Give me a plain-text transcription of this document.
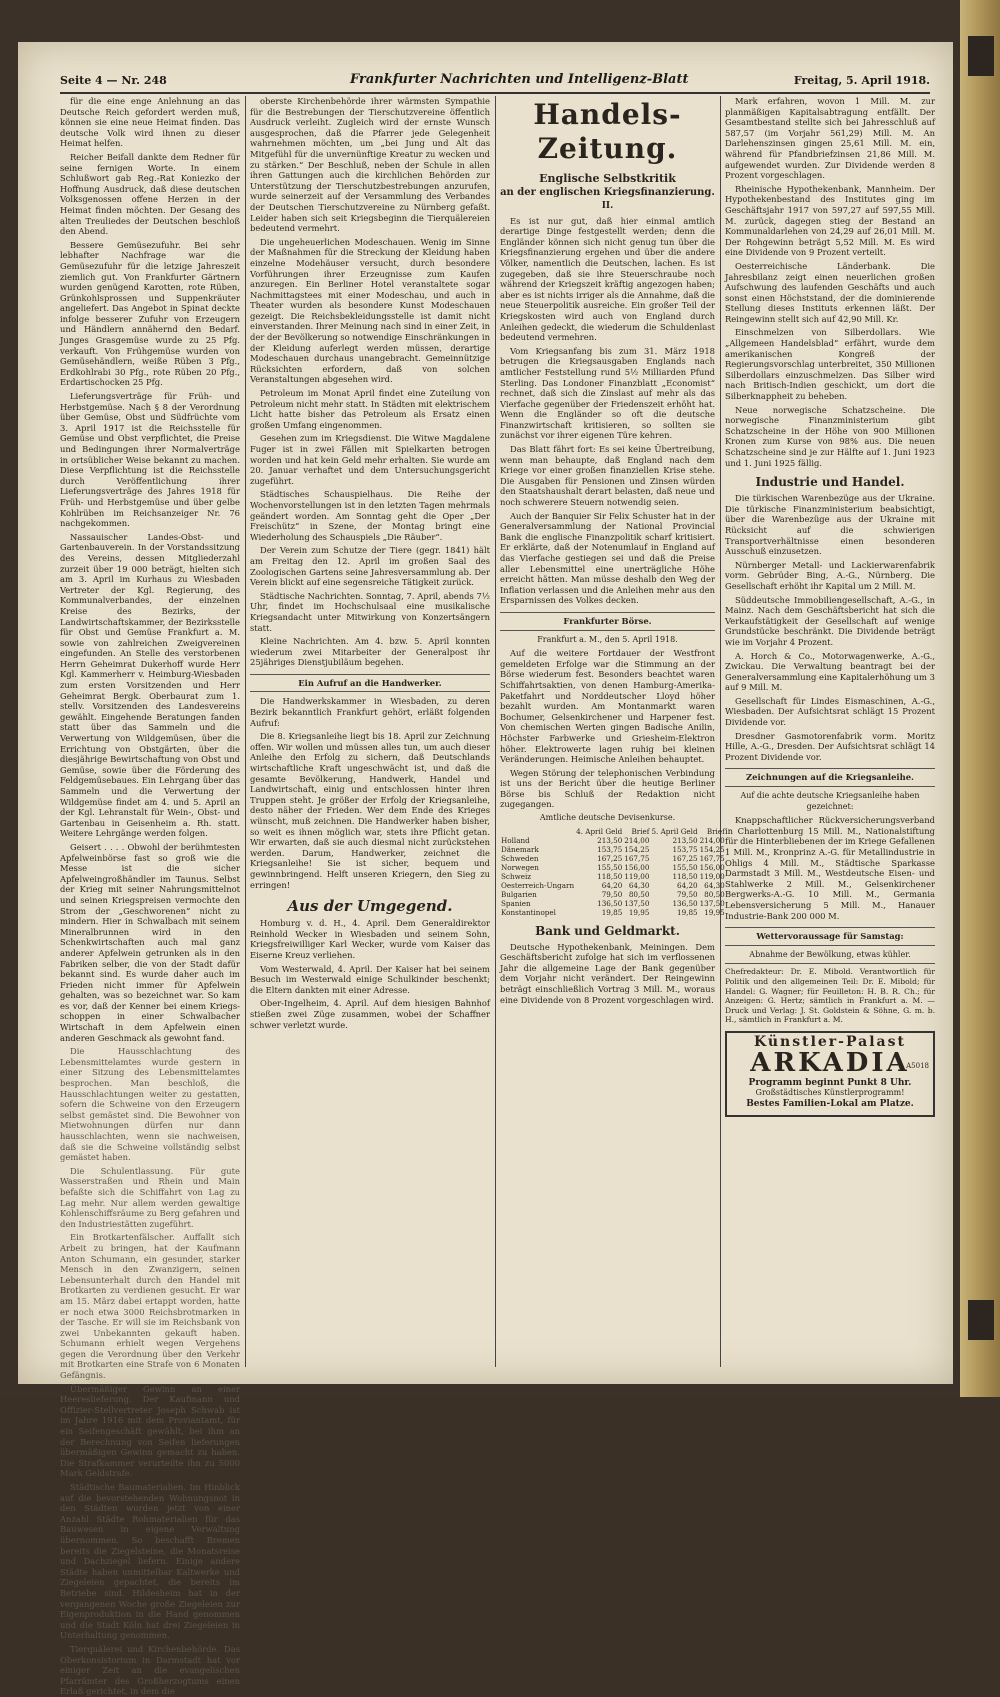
Seite 4 — Nr. 248	Frankfurter Nachrichten und Intelligenz-Blatt	Freitag, 5. April 1918.

für die eine enge Anlehnung an das Deutsche Reich gefordert werden muß, können sie eine neue Heimat finden. Das deutsche Volk wird ihnen zu dieser Heimat helfen.

Reicher Beifall dankte dem Redner für seine fernigen Worte. In einem Schlußwort gab Reg.-Rat Koniezko der Hoffnung Ausdruck, daß diese deutschen Volksgenossen offene Herzen in der Heimat finden möchten. Der Gesang des alten Treuliedes der Deutschen beschloß den Abend.

Bessere Gemüsezufuhr. Bei sehr lebhafter Nachfrage war die Gemüsezufuhr für die letzige Jahreszeit ziemlich gut. Von Frankfurter Gärtnern wurden genügend Karotten, rote Rüben, Grünkohlsprossen und Suppenkräuter angeliefert. Das Angebot in Spinat deckte infolge besserer Zufuhr von Erzeugern und Händlern annähernd den Bedarf. Junges Grasgemüse wurde zu 25 Pfg. verkauft. Von Frühgemüse wurden von Gemüsehändlern, weiße Rüben 3 Pfg., Erdkohlrabi 30 Pfg., rote Rüben 20 Pfg., Erdartischocken 25 Pfg.

Lieferungsverträge für Früh- und Herbstgemüse. Nach § 8 der Verordnung über Gemüse, Obst und Südfrüchte vom 3. April 1917 ist die Reichsstelle für Gemüse und Obst verpflichtet, die Preise und Bedingungen ihrer Normalverträge in ortsüblicher Weise bekannt zu machen. Diese Verpflichtung ist die Reichsstelle durch Veröffentlichung ihrer Lieferungsverträge des Jahres 1918 für Früh- und Herbstgemüse und über gelbe Kohlrüben im Reichsanzeiger Nr. 76 nachgekommen.

Nassauischer Landes-Obst- und Gartenbauverein. In der Vorstandssitzung des Vereins, dessen Mitgliederzahl zurzeit über 19 000 beträgt, hielten sich am 3. April im Kurhaus zu Wiesbaden Vertreter der Kgl. Regierung, des Kommunalverbandes, der einzelnen Kreise des Bezirks, der Landwirtschaftskammer, der Bezirksstelle für Obst und Gemüse Frankfurt a. M. sowie von zahlreichen Zweigvereinen eingefunden. An Stelle des verstorbenen Herrn Geheimrat Dukerhoff wurde Herr Kgl. Kammerherr v. Heimburg-Wiesbaden zum ersten Vorsitzenden und Herr Geheimrat Bergk. Oberbaurat zum 1. stellv. Vorsitzenden des Landesvereins gewählt. Eingehende Beratungen fanden statt über das Sammeln und die Verwertung von Wildgemüsen, über die Errichtung von Obstgärten, über die diesjährige Bewirtschaftung von Obst und Gemüse, sowie über die Förderung des Feldgemüsebaues. Ein Lehrgang über das Sammeln und die Verwertung der Wildgemüse findet am 4. und 5. April an der Kgl. Lehranstalt für Wein-, Obst- und Gartenbau in Geisenheim a. Rh. statt. Weitere Lehrgänge werden folgen.

Geisert . . . . Obwohl der berühmtesten Apfelweinbörse fast so groß wie die Messe ist die sicher Apfelweingroßhändler im Taunus. Selbst der Krieg mit seiner Nahrungsmittelnot und seinen Kriegspreisen vermochte den Strom der „Geschworenen“ nicht zu mindern. Hier in Schwalbach mit seinem Mineralbrunnen wird in den Schenkwirtschaften auch mal ganz anderer Apfelwein getrunken als in den Fabriken selber, die von der Stadt dafür bekannt sind. Es wurde daher auch im Frieden nicht immer für Apfelwein gehalten, was so bezeichnet war. So kam es vor, daß der Kenner bei einem Kriegsschoppen in einer Schwalbacher Wirtschaft in dem Apfelwein einen anderen Geschmack als gewohnt fand.

Die Hausschlachtung des Lebensmittelamtes wurde gestern in einer Sitzung des Lebensmittelamtes besprochen. Man beschloß, die Hausschlachtungen weiter zu gestatten, sofern die Schweine von den Erzeugern selbst gemästet sind. Die Bewohner von Mietwohnungen dürfen nur dann hausschlachten, wenn sie nachweisen, daß sie die Schweine vollständig selbst gemästet haben.

Die Schulentlassung. Für gute Wasserstraßen und Rhein und Main befaßte sich die Schiffahrt von Lag zu Lag mehr. Nur allem werden gewaltige Kohlenschiffsräume zu Berg gefahren und den Industriestätten zugeführt.

Ein Brotkartenfälscher. Auffallt sich Arbeit zu bringen, hat der Kaufmann Anton Schumann, ein gesunder, starker Mensch in den Zwanzigern, seinen Lebensunterhalt durch den Handel mit Brotkarten zu verdienen gesucht. Er war am 15. März dabei ertappt worden, hatte er noch etwa 3000 Reichsbrotmarken in der Tasche. Er will sie im Reichsbank von zwei Unbekannten gekauft haben. Schumann erhielt wegen Vergehens gegen die Verordnung über den Verkehr mit Brotkarten eine Strafe von 6 Monaten Gefängnis.

Übermäßiger Gewinn an einer Heereslieferung. Der Kaufmann und Offizier-Stellvertreter Joseph Schwab ist im Jahre 1916 mit dem Proviantamt, für ein Seifengeschäft gewählt, bei ihm an der Berechnung von Seifen lieferungen übermäßigen Gewinn gemacht zu haben. Die Strafkammer verurteilte ihn zu 5000 Mark Geldstrafe.

Städtische Baumaterialien. Im Hinblick auf die bevorstehenden Wohnungsnot in den Städten wurden jetzt von einer Anzahl Städte Rohmaterialien für das Bauwesen in eigene Verwaltung übernommen. So beschafft Bremen bereits die Ziegelsteine, die Monatsreise und Dachziegel liefern. Einige andere Städte haben unmittelbar Kaltwerke und Ziegeleien gepachtet, die bereits im Betriebe sind. Hildesheim hat in der vergangenen Woche große Ziegeleien zur Eigenproduktion in die Hand genommen und die Stadt Köln hat drei Ziegeleien in Unterhaltung genommen.

Tierquälerei und Kirchenbehörde. Das Oberkonsistorium in Darmstadt hat vor einiger Zeit an die evangelischen Pfarrämter des Großherzogtums einen Erlaß gerichtet, in dem die

oberste Kirchenbehörde ihrer wärmsten Sympathie für die Bestrebungen der Tierschutzvereine öffentlich Ausdruck verleiht. Zugleich wird der ernste Wunsch ausgesprochen, daß die Pfarrer jede Gelegenheit wahrnehmen möchten, um „bei Jung und Alt das Mitgefühl für die unvernünftige Kreatur zu wecken und zu stärken.“ Der Beschluß, neben der Schule in allen ihren Gattungen auch die kirchlichen Behörden zur Unterstützung der Tierschutzbestrebungen anzurufen, wurde seinerzeit auf der Versammlung des Verbandes der Deutschen Tierschutzvereine zu Nürnberg gefaßt. Leider haben sich seit Kriegsbeginn die Tierquälereien bedeutend vermehrt.

Die ungeheuerlichen Modeschauen. Wenig im Sinne der Maßnahmen für die Streckung der Kleidung haben einzelne Modehäuser versucht, durch besondere Vorführungen ihrer Erzeugnisse zum Kaufen anzuregen. Ein Berliner Hotel veranstaltete sogar Nachmittagstees mit einer Modeschau, und auch in Theater wurden als besondere Kunst Modeschauen gezeigt. Die Reichsbekleidungsstelle ist damit nicht einverstanden. Ihrer Meinung nach sind in einer Zeit, in der der Bevölkerung so notwendige Einschränkungen in der Kleidung auferlegt werden müssen, derartige Modeschauen durchaus unangebracht. Gemeinnützige Rücksichten erfordern, daß von solchen Veranstaltungen abgesehen wird.

Petroleum im Monat April findet eine Zuteilung von Petroleum nicht mehr statt. In Städten mit elektrischem Licht hatte bisher das Petroleum als Ersatz einen großen Umfang eingenommen.

Gesehen zum im Kriegsdienst. Die Witwe Magdalene Fuger ist in zwei Fällen mit Spielkarten betrogen worden und hat kein Geld mehr erhalten. Sie wurde am 20. Januar verhaftet und dem Untersuchungsgericht zugeführt.

Städtisches Schauspielhaus. Die Reihe der Wochenvorstellungen ist in den letzten Tagen mehrmals geändert worden. Am Sonntag geht die Oper „Der Freischütz“ in Szene, der Montag bringt eine Wiederholung des Schauspiels „Die Räuber“.

Der Verein zum Schutze der Tiere (gegr. 1841) hält am Freitag den 12. April im großen Saal des Zoologischen Gartens seine Jahresversammlung ab. Der Verein blickt auf eine segensreiche Tätigkeit zurück.

Städtische Nachrichten. Sonntag, 7. April, abends 7½ Uhr, findet im Hochschulsaal eine musikalische Kriegsandacht unter Mitwirkung von Konzertsängern statt.

Kleine Nachrichten. Am 4. bzw. 5. April konnten wiederum zwei Mitarbeiter der Generalpost ihr 25jähriges Dienstjubiläum begehen.

Ein Aufruf an die Handwerker.

Die Handwerkskammer in Wiesbaden, zu deren Bezirk bekanntlich Frankfurt gehört, erläßt folgenden Aufruf:

Die 8. Kriegsanleihe liegt bis 18. April zur Zeichnung offen. Wir wollen und müssen alles tun, um auch dieser Anleihe den Erfolg zu sichern, daß Deutschlands wirtschaftliche Kraft ungeschwächt ist, und daß die gesamte Bevölkerung, Handwerk, Handel und Landwirtschaft, einig und entschlossen hinter ihren Truppen steht. Je größer der Erfolg der Kriegsanleihe, desto näher der Frieden. Wer dem Ende des Krieges wünscht, muß zeichnen. Die Handwerker haben bisher, so weit es ihnen möglich war, stets ihre Pflicht getan. Wir erwarten, daß sie auch diesmal nicht zurückstehen werden. Darum, Handwerker, zeichnet die Kriegsanleihe! Sie ist sicher, bequem und gewinnbringend. Helft unseren Kriegern, den Sieg zu erringen!

Aus der Umgegend.

Homburg v. d. H., 4. April. Dem Generaldirektor Reinhold Wecker in Wiesbaden und seinem Sohn, Kriegsfreiwilliger Karl Wecker, wurde vom Kaiser das Eiserne Kreuz verliehen.

Vom Westerwald, 4. April. Der Kaiser hat bei seinem Besuch im Westerwald einige Schulkinder beschenkt; die Eltern dankten mit einer Adresse.

Ober-Ingelheim, 4. April. Auf dem hiesigen Bahnhof stießen zwei Züge zusammen, wobei der Schaffner schwer verletzt wurde.

Handels-Zeitung.
Englische Selbstkritik
an der englischen Kriegsfinanzierung.
II.

Es ist nur gut, daß hier einmal amtlich derartige Dinge festgestellt werden; denn die Engländer können sich nicht genug tun über die Kriegsfinanzierung ergehen und über die andere Völker, namentlich die Deutschen, lachen. Es ist zugegeben, daß sie ihre Steuerschraube noch während der Kriegszeit kräftig angezogen haben; aber es ist nichts irriger als die Annahme, daß die neue Steuerpolitik ausreiche. Ein großer Teil der Kriegskosten wird auch von England durch Anleihen gedeckt, die wiederum die Schuldenlast bedeutend vermehren.

Vom Kriegsanfang bis zum 31. März 1918 betrugen die Kriegsausgaben Englands nach amtlicher Feststellung rund 5½ Milliarden Pfund Sterling. Das Londoner Finanzblatt „Economist“ rechnet, daß sich die Zinslast auf mehr als das Vierfache gegenüber der Friedenszeit erhöht hat. Wenn die Engländer so oft die deutsche Finanzwirtschaft kritisieren, so sollten sie zunächst vor ihrer eigenen Türe kehren.

Das Blatt fährt fort: Es sei keine Übertreibung, wenn man behaupte, daß England nach dem Kriege vor einer großen finanziellen Krise stehe. Die Ausgaben für Pensionen und Zinsen würden den Staatshaushalt derart belasten, daß neue und noch schwerere Steuern notwendig seien.

Auch der Banquier Sir Felix Schuster hat in der Generalversammlung der National Provincial Bank die englische Finanzpolitik scharf kritisiert. Er erklärte, daß der Notenumlauf in England auf das Vierfache gestiegen sei und daß die Preise aller Lebensmittel eine unerträgliche Höhe erreicht hätten. Man müsse deshalb den Weg der Inflation verlassen und die Anleihen mehr aus den Ersparnissen des Volkes decken.

Frankfurter Börse.
Frankfurt a. M., den 5. April 1918.

Auf die weitere Fortdauer der Westfront gemeldeten Erfolge war die Stimmung an der Börse wiederum fest. Besonders beachtet waren Schiffahrtsaktien, von denen Hamburg-Amerika-Paketfahrt und Norddeutscher Lloyd höher bezahlt wurden. Am Montanmarkt waren Bochumer, Gelsenkirchener und Harpener fest. Von chemischen Werten gingen Badische Anilin, Höchster Farbwerke und Griesheim-Elektron höher. Elektrowerte lagen ruhig bei kleinen Veränderungen. Heimische Anleihen behauptet.

Wegen Störung der telephonischen Verbindung ist uns der Bericht über die heutige Berliner Börse bis Schluß der Redaktion nicht zugegangen.

Amtliche deutsche Devisenkurse.
	4. April Geld	Brief	5. April Geld	Brief
Holland	213,50	214,00	213,50	214,00
Dänemark	153,75	154,25	153,75	154,25
Schweden	167,25	167,75	167,25	167,75
Norwegen	155,50	156,00	155,50	156,00
Schweiz	118,50	119,00	118,50	119,00
Oesterreich-Ungarn	64,20	64,30	64,20	64,30
Bulgarien	79,50	80,50	79,50	80,50
Spanien	136,50	137,50	136,50	137,50
Konstantinopel	19,85	19,95	19,85	19,95
Bank und Geldmarkt.

Deutsche Hypothekenbank, Meiningen. Dem Geschäftsbericht zufolge hat sich im verflossenen Jahr die allgemeine Lage der Bank gegenüber dem Vorjahr nicht verändert. Der Reingewinn beträgt einschließlich Vortrag 3 Mill. M., woraus eine Dividende von 8 Prozent vorgeschlagen wird.

Mark erfahren, wovon 1 Mill. M. zur planmäßigen Kapitalsabtragung entfällt. Der Gesamtbestand stellte sich bei Jahresschluß auf 587,57 (im Vorjahr 561,29) Mill. M. An Darlehenszinsen gingen 25,61 Mill. M. ein, während für Pfandbriefzinsen 21,86 Mill. M. aufgewendet wurden. Zur Dividende werden 8 Prozent vorgeschlagen.

Rheinische Hypothekenbank, Mannheim. Der Hypothekenbestand des Institutes ging im Geschäftsjahr 1917 von 597,27 auf 597,55 Mill. M. zurück, dagegen stieg der Bestand an Kommunaldarlehen von 24,29 auf 26,01 Mill. M. Der Rohgewinn beträgt 5,52 Mill. M. Es wird eine Dividende von 9 Prozent verteilt.

Oesterreichische Länderbank. Die Jahresbilanz zeigt einen neuerlichen großen Aufschwung des laufenden Geschäfts und auch sonst einen Höchststand, der die dominierende Stellung dieses Instituts erkennen läßt. Der Reingewinn stellt sich auf 42,90 Mill. Kr.

Einschmelzen von Silberdollars. Wie „Allgemeen Handelsblad“ erfährt, wurde dem amerikanischen Kongreß der Regierungsvorschlag unterbreitet, 350 Millionen Silberdollars einzuschmelzen. Das Silber wird nach Britisch-Indien geschickt, um dort die Silberknappheit zu beheben.

Neue norwegische Schatzscheine. Die norwegische Finanzministerium gibt Schatzscheine in der Höhe von 900 Millionen Kronen zum Kurse von 98% aus. Die neuen Schatzscheine sind je zur Hälfte auf 1. Juni 1923 und 1. Juni 1925 fällig.

Industrie und Handel.

Die türkischen Warenbezüge aus der Ukraine. Die türkische Finanzministerium beabsichtigt, über die Warenbezüge aus der Ukraine mit Rücksicht auf die schwierigen Transportverhältnisse einen besonderen Ausschuß einzusetzen.

Nürnberger Metall- und Lackierwarenfabrik vorm. Gebrüder Bing, A.-G., Nürnberg. Die Gesellschaft erhöht ihr Kapital um 2 Mill. M.

Süddeutsche Immobiliengesellschaft, A.-G., in Mainz. Nach dem Geschäftsbericht hat sich die Verkaufstätigkeit der Gesellschaft auf wenige Grundstücke beschränkt. Die Dividende beträgt wie im Vorjahr 4 Prozent.

A. Horch & Co., Motorwagenwerke, A.-G., Zwickau. Die Verwaltung beantragt bei der Generalversammlung eine Kapitalerhöhung um 3 auf 9 Mill. M.

Gesellschaft für Lindes Eismaschinen, A.-G., Wiesbaden. Der Aufsichtsrat schlägt 15 Prozent Dividende vor.

Dresdner Gasmotorenfabrik vorm. Moritz Hille, A.-G., Dresden. Der Aufsichtsrat schlägt 14 Prozent Dividende vor.

Zeichnungen auf die Kriegsanleihe.
Auf die achte deutsche Kriegsanleihe haben gezeichnet:

Knappschaftlicher Rückversicherungsverband in Charlottenburg 15 Mill. M., Nationalstiftung für die Hinterbliebenen der im Kriege Gefallenen 1 Mill. M., Kronprinz A.-G. für Metallindustrie in Ohligs 4 Mill. M., Städtische Sparkasse Darmstadt 3 Mill. M., Westdeutsche Eisen- und Stahlwerke 2 Mill. M., Gelsenkirchener Bergwerks-A.-G. 10 Mill. M., Germania Lebensversicherung 5 Mill. M., Hanauer Industrie-Bank 200 000 M.

Wettervoraussage für Samstag:
Abnahme der Bewölkung, etwas kühler.
Chefredakteur: Dr. E. Mibold. Verantwortlich für Politik und den allgemeinen Teil: Dr. E. Mibold; für Handel: G. Wagner; für Feuilleton: H. B. R. Ch.; für Anzeigen: G. Hertz; sämtlich in Frankfurt a. M. — Druck und Verlag: J. St. Goldstein & Söhne, G. m. b. H., sämtlich in Frankfurt a. M.
Künstler-Palast
ARKADIA
A5018
Programm beginnt Punkt 8 Uhr.
Großstädtisches Künstlerprogramm!
Bestes Familien-Lokal am Platze.
